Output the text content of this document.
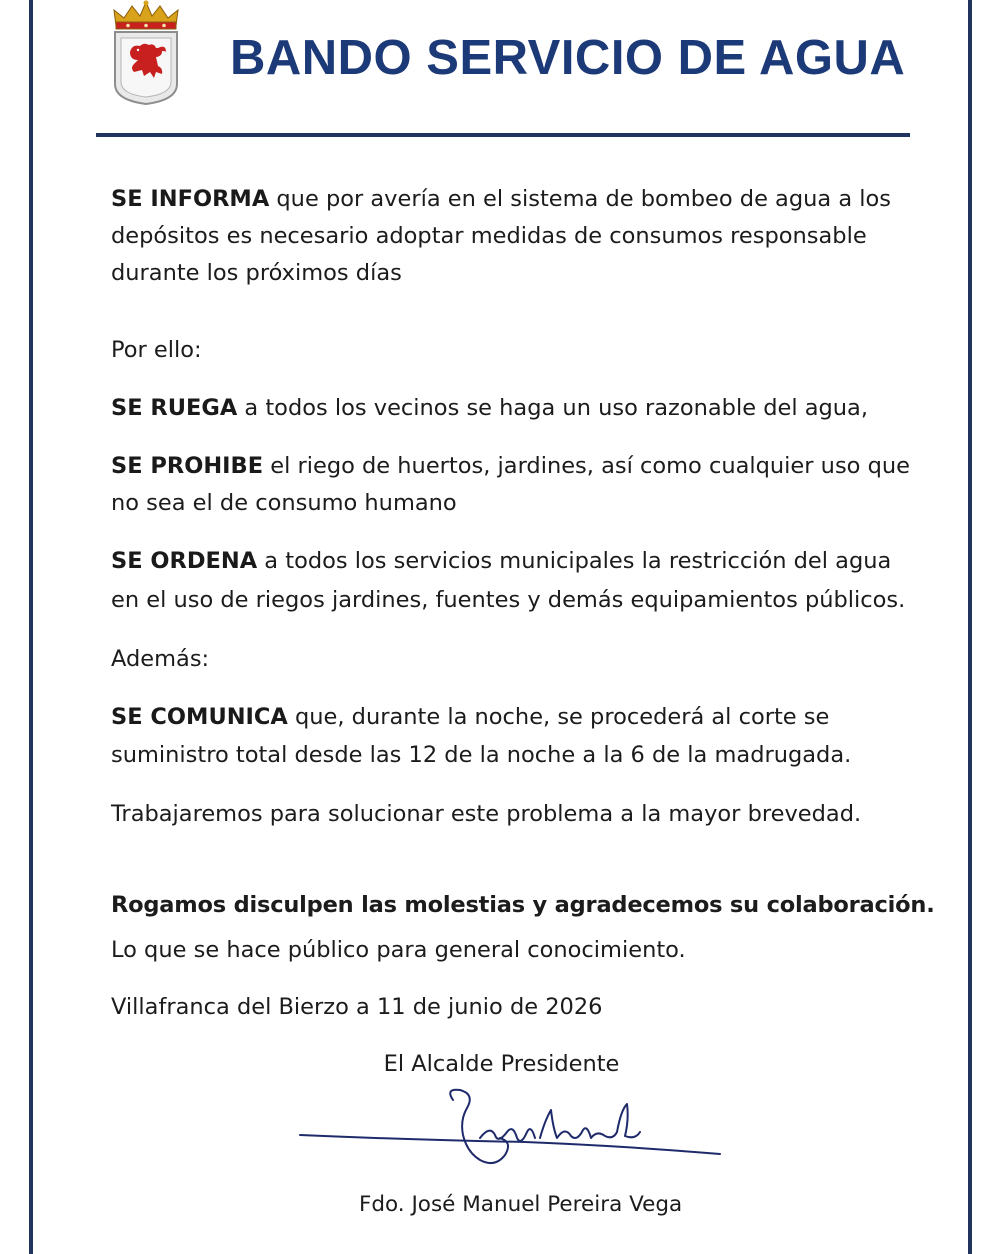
BANDO SERVICIO DE AGUA

SE INFORMA que por avería en el sistema de bombeo de agua a los

depósitos es necesario adoptar medidas de consumos responsable

durante los próximos días

Por ello:

SE RUEGA a todos los vecinos se haga un uso razonable del agua,

SE PROHIBE el riego de huertos, jardines, así como cualquier uso que

no sea el de consumo humano

SE ORDENA a todos los servicios municipales la restricción del agua

en el uso de riegos jardines, fuentes y demás equipamientos públicos.

Además:

SE COMUNICA que, durante la noche, se procederá al corte se

suministro total desde las 12 de la noche a la 6 de la madrugada.

Trabajaremos para solucionar este problema a la mayor brevedad.

Rogamos disculpen las molestias y agradecemos su colaboración.

Lo que se hace público para general conocimiento.

Villafranca del Bierzo a 11 de junio de 2026

El Alcalde Presidente

Fdo. José Manuel Pereira Vega
